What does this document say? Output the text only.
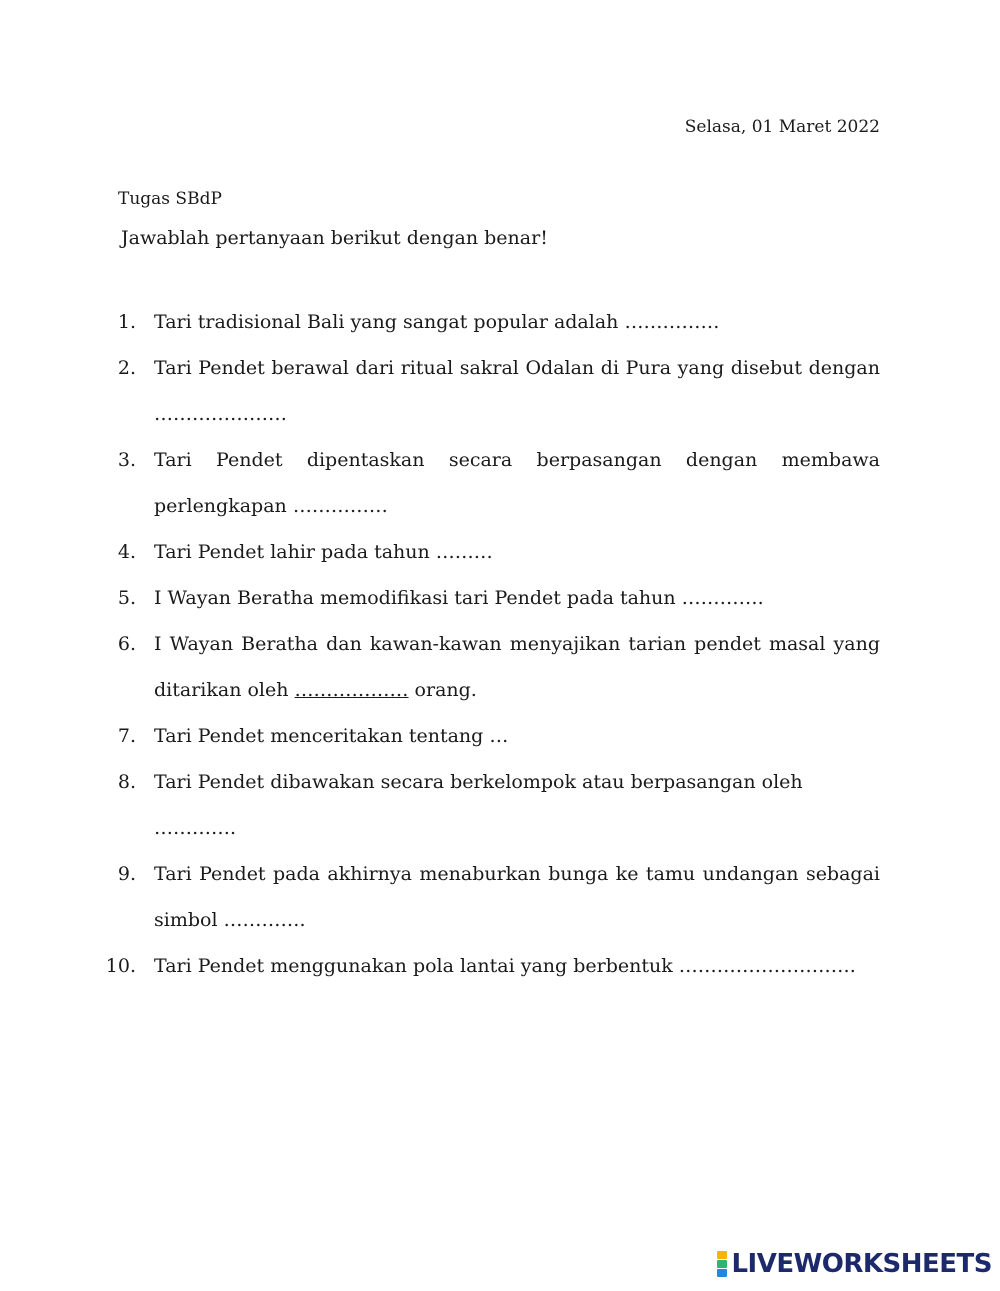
Selasa, 01 Maret 2022
Tugas SBdP
Jawablah pertanyaan berikut dengan benar!
1. Tari tradisional Bali yang sangat popular adalah ……………
2. Tari Pendet berawal dari ritual sakral Odalan di Pura yang disebut dengan …………………
3. Tari Pendet dipentaskan secara berpasangan dengan membawa perlengkapan ……………
4. Tari Pendet lahir pada tahun ………
5. I Wayan Beratha memodifikasi tari Pendet pada tahun ………….
6. I Wayan Beratha dan kawan-kawan menyajikan tarian pendet masal yang ditarikan oleh ……………… orang.
7. Tari Pendet menceritakan tentang …
8. Tari Pendet dibawakan secara berkelompok atau berpasangan oleh ………….
9. Tari Pendet pada akhirnya menaburkan bunga ke tamu undangan sebagai simbol ………….
10. Tari Pendet menggunakan pola lantai yang berbentuk ……………………….
LIVEWORKSHEETS
